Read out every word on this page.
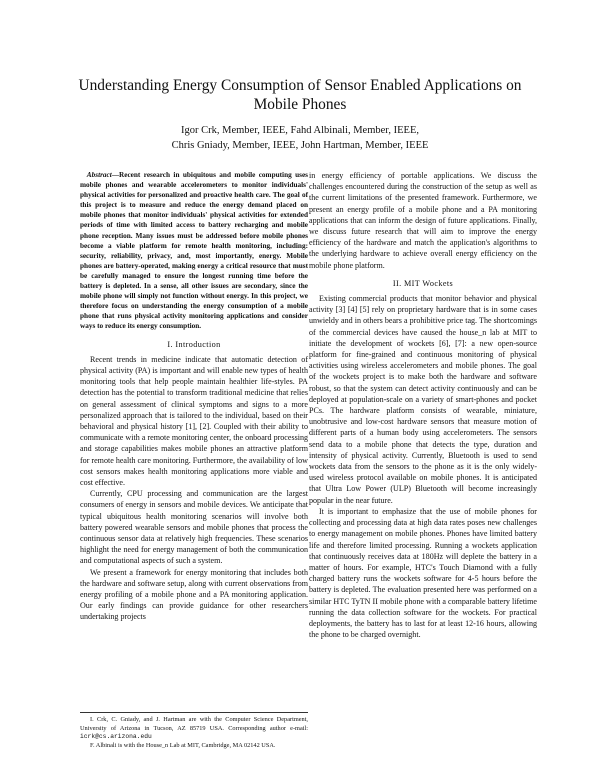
Understanding Energy Consumption of Sensor Enabled Applications on Mobile Phones
Igor Crk, Member, IEEE, Fahd Albinali, Member, IEEE,
Chris Gniady, Member, IEEE, John Hartman, Member, IEEE

Abstract—Recent research in ubiquitous and mobile computing uses mobile phones and wearable accelerometers to monitor individuals' physical activities for personalized and proactive health care. The goal of this project is to measure and reduce the energy demand placed on mobile phones that monitor individuals' physical activities for extended periods of time with limited access to battery recharging and mobile phone reception. Many issues must be addressed before mobile phones become a viable platform for remote health monitoring, including: security, reliability, privacy, and, most importantly, energy. Mobile phones are battery-operated, making energy a critical resource that must be carefully managed to ensure the longest running time before the battery is depleted. In a sense, all other issues are secondary, since the mobile phone will simply not function without energy. In this project, we therefore focus on understanding the energy consumption of a mobile phone that runs physical activity monitoring applications and consider ways to reduce its energy consumption.

I. Introduction

Recent trends in medicine indicate that automatic detection of physical activity (PA) is important and will enable new types of health monitoring tools that help people maintain healthier life-styles. PA detection has the potential to transform traditional medicine that relies on general assessment of clinical symptoms and signs to a more personalized approach that is tailored to the individual, based on their behavioral and physical history [1], [2]. Coupled with their ability to communicate with a remote monitoring center, the onboard processing and storage capabilities makes mobile phones an attractive platform for remote health care monitoring. Furthermore, the availability of low cost sensors makes health monitoring applications more viable and cost effective.

Currently, CPU processing and communication are the largest consumers of energy in sensors and mobile devices. We anticipate that typical ubiquitous health monitoring scenarios will involve both battery powered wearable sensors and mobile phones that process the continuous sensor data at relatively high frequencies. These scenarios highlight the need for energy management of both the communication and computational aspects of such a system.

We present a framework for energy monitoring that includes both the hardware and software setup, along with current observations from energy profiling of a mobile phone and a PA monitoring application. Our early findings can provide guidance for other researchers undertaking projects

in energy efficiency of portable applications. We discuss the challenges encountered during the construction of the setup as well as the current limitations of the presented framework. Furthermore, we present an energy profile of a mobile phone and a PA monitoring applications that can inform the design of future applications. Finally, we discuss future research that will aim to improve the energy efficiency of the hardware and match the application's algorithms to the underlying hardware to achieve overall energy efficiency on the mobile phone platform.

II. MIT Wockets

Existing commercial products that monitor behavior and physical activity [3] [4] [5] rely on proprietary hardware that is in some cases unwieldy and in others bears a prohibitive price tag. The shortcomings of the commercial devices have caused the house_n lab at MIT to initiate the development of wockets [6], [7]: a new open-source platform for fine-grained and continuous monitoring of physical activities using wireless accelerometers and mobile phones. The goal of the wockets project is to make both the hardware and software robust, so that the system can detect activity continuously and can be deployed at population-scale on a variety of smart-phones and pocket PCs. The hardware platform consists of wearable, miniature, unobtrusive and low-cost hardware sensors that measure motion of different parts of a human body using accelerometers. The sensors send data to a mobile phone that detects the type, duration and intensity of physical activity. Currently, Bluetooth is used to send wockets data from the sensors to the phone as it is the only widely-used wireless protocol available on mobile phones. It is anticipated that Ultra Low Power (ULP) Bluetooth will become increasingly popular in the near future.

It is important to emphasize that the use of mobile phones for collecting and processing data at high data rates poses new challenges to energy management on mobile phones. Phones have limited battery life and therefore limited processing. Running a wockets application that continuously receives data at 180Hz will deplete the battery in a matter of hours. For example, HTC's Touch Diamond with a fully charged battery runs the wockets software for 4-5 hours before the battery is depleted. The evaluation presented here was performed on a similar HTC TyTN II mobile phone with a comparable battery lifetime running the data collection software for the wockets. For practical deployments, the battery has to last for at least 12-16 hours, allowing the phone to be charged overnight.

I. Crk, C. Gniady, and J. Hartman are with the Computer Science Department, University of Arizona in Tucson, AZ 85719 USA. Corresponding author e-mail: icrk@cs.arizona.edu

F. Albinali is with the House_n Lab at MIT, Cambridge, MA 02142 USA.
